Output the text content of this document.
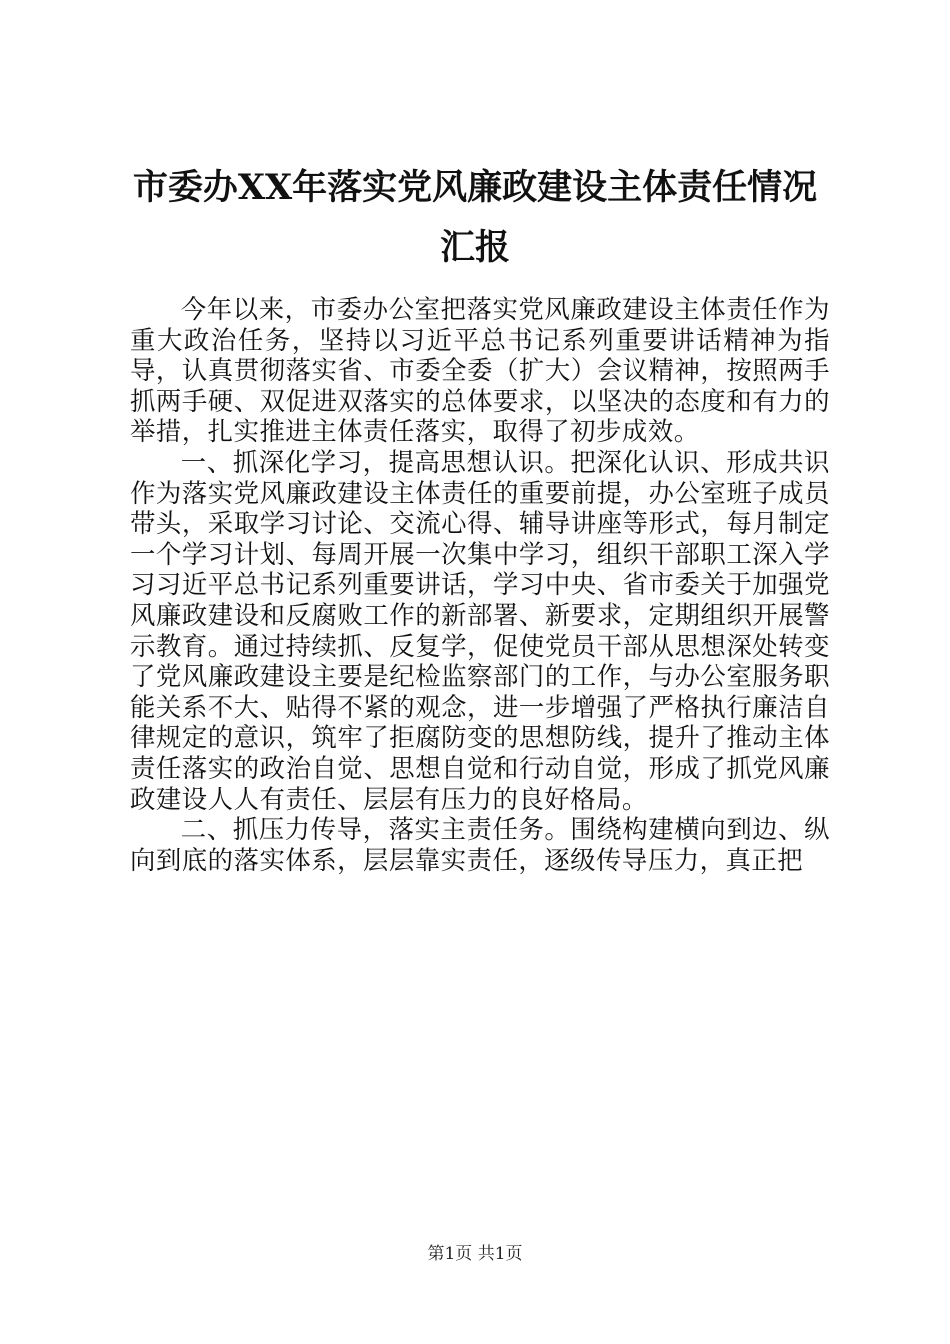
市委办XX年落实党风廉政建设主体责任情况汇报

今年以来，市委办公室把落实党风廉政建设主体责任作为重大政治任务，坚持以习近平总书记系列重要讲话精神为指导，认真贯彻落实省、市委全委（扩大）会议精神，按照两手抓两手硬、双促进双落实的总体要求，以坚决的态度和有力的举措，扎实推进主体责任落实，取得了初步成效。

一、抓深化学习，提高思想认识。把深化认识、形成共识作为落实党风廉政建设主体责任的重要前提，办公室班子成员带头，采取学习讨论、交流心得、辅导讲座等形式，每月制定一个学习计划、每周开展一次集中学习，组织干部职工深入学习习近平总书记系列重要讲话，学习中央、省市委关于加强党风廉政建设和反腐败工作的新部署、新要求，定期组织开展警示教育。通过持续抓、反复学，促使党员干部从思想深处转变了党风廉政建设主要是纪检监察部门的工作，与办公室服务职能关系不大、贴得不紧的观念，进一步增强了严格执行廉洁自律规定的意识，筑牢了拒腐防变的思想防线，提升了推动主体责任落实的政治自觉、思想自觉和行动自觉，形成了抓党风廉政建设人人有责任、层层有压力的良好格局。

二、抓压力传导，落实主责任务。围绕构建横向到边、纵向到底的落实体系，层层靠实责任，逐级传导压力，真正把

第1页 共1页
